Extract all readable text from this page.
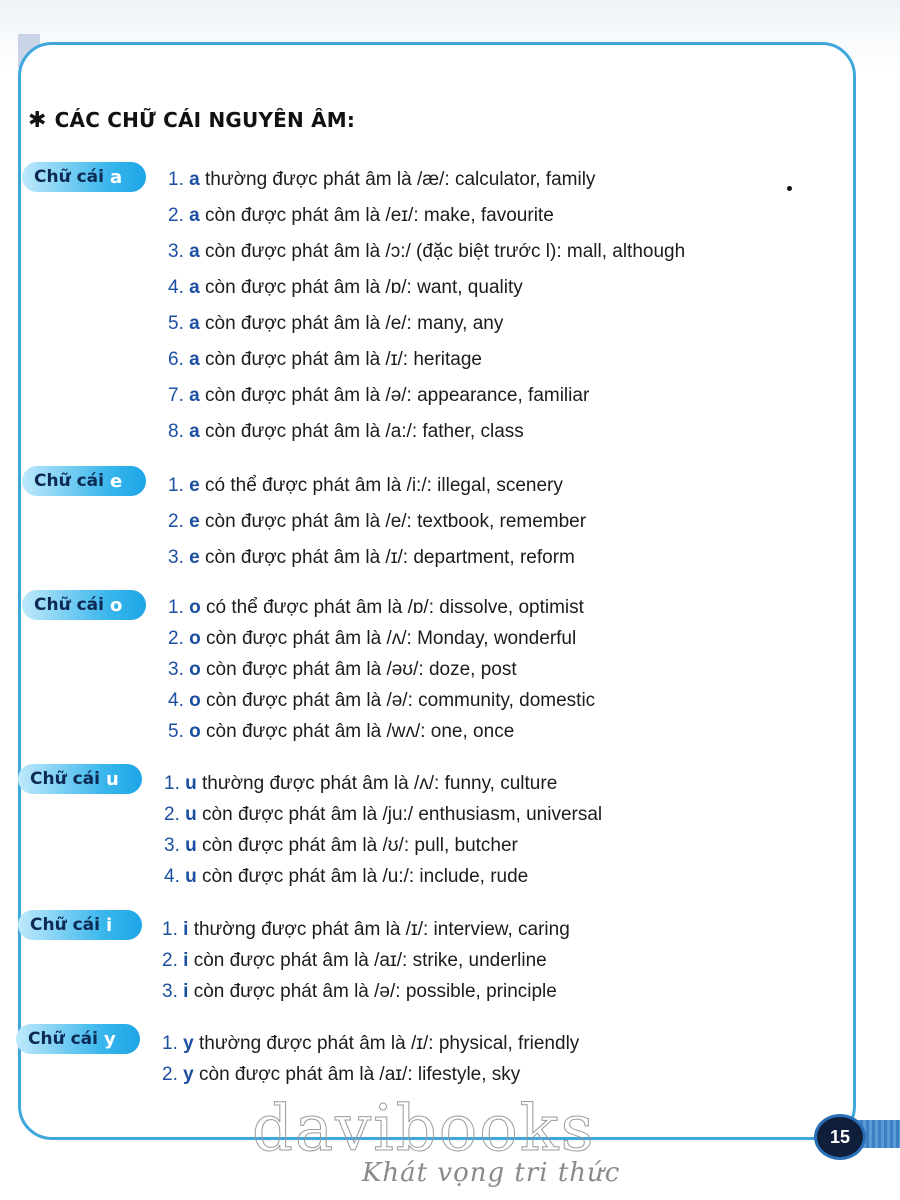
✱ CÁC CHỮ CÁI NGUYÊN ÂM:
Chữ cái a 1. a thường được phát âm là /æ/: calculator, family
2. a còn được phát âm là /eɪ/: make, favourite
3. a còn được phát âm là /ɔ:/ (đặc biệt trước l): mall, although
4. a còn được phát âm là /ɒ/: want, quality
5. a còn được phát âm là /e/: many, any
6. a còn được phát âm là /ɪ/: heritage
7. a còn được phát âm là /ə/: appearance, familiar
8. a còn được phát âm là /a:/: father, class
Chữ cái e 1. e có thể được phát âm là /i:/: illegal, scenery
2. e còn được phát âm là /e/: textbook, remember
3. e còn được phát âm là /ɪ/: department, reform
Chữ cái o 1. o có thể được phát âm là /ɒ/: dissolve, optimist
2. o còn được phát âm là /ʌ/: Monday, wonderful
3. o còn được phát âm là /əʊ/: doze, post
4. o còn được phát âm là /ə/: community, domestic
5. o còn được phát âm là /wʌ/: one, once
Chữ cái u 1. u thường được phát âm là /ʌ/: funny, culture
2. u còn được phát âm là /ju:/ enthusiasm, universal
3. u còn được phát âm là /ʊ/: pull, butcher
4. u còn được phát âm là /u:/: include, rude
Chữ cái i	1. i thường được phát âm là /ɪ/: interview, caring
2. i còn được phát âm là /aɪ/: strike, underline
3. i còn được phát âm là /ə/: possible, principle
Chữ cái y 1. y thường được phát âm là /ɪ/: physical, friendly
2. y còn được phát âm là /aɪ/: lifestyle, sky
davibooks
Khát vọng tri thức
15
